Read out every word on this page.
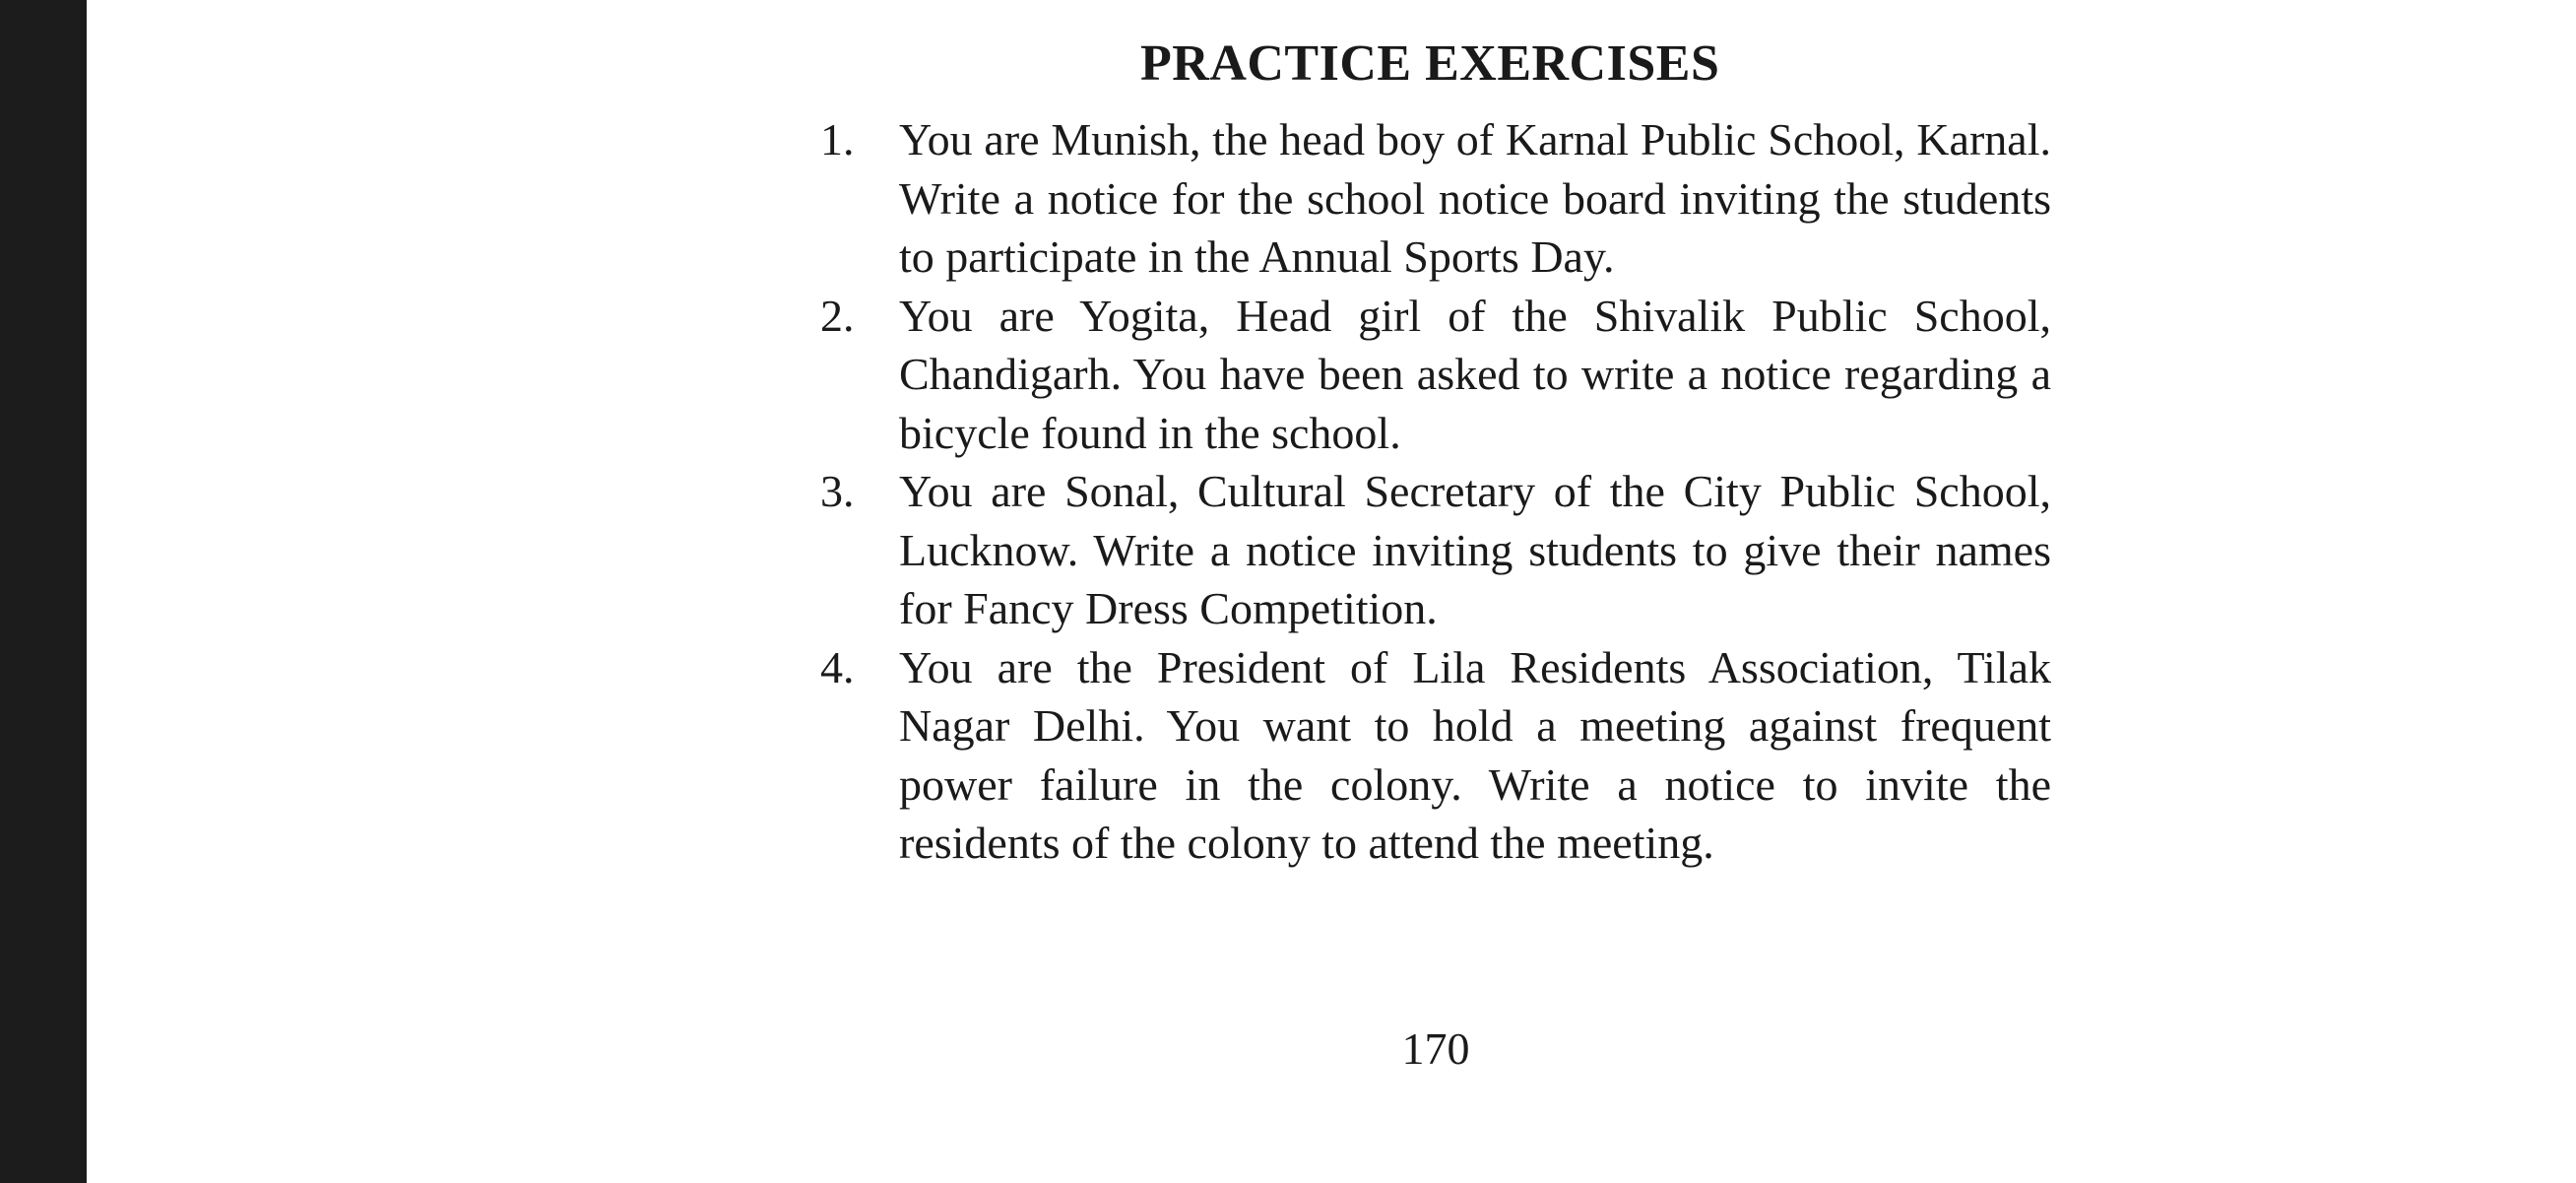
PRACTICE EXERCISES
1. You are Munish, the head boy of Karnal Public School, Karnal. Write a notice for the school notice board inviting the students to participate in the Annual Sports Day.
2. You are Yogita, Head girl of the Shivalik Public School, Chandigarh. You have been asked to write a notice regarding a bicycle found in the school.
3. You are Sonal, Cultural Secretary of the City Public School, Lucknow. Write a notice inviting students to give their names for Fancy Dress Competition.
4. You are the President of Lila Residents Association, Tilak Nagar Delhi. You want to hold a meeting against frequent power failure in the colony. Write a notice to invite the residents of the colony to attend the meeting.
170
